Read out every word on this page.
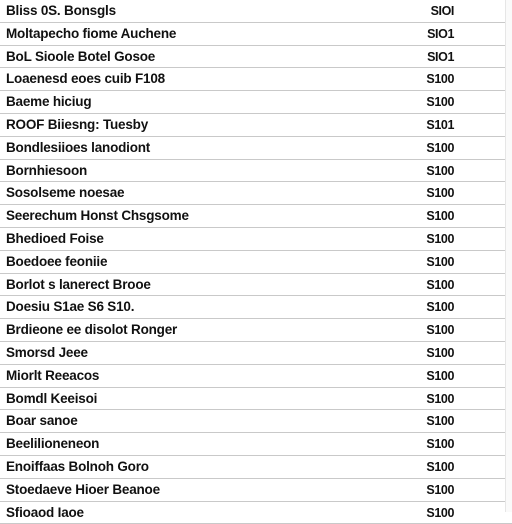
Bliss 0S. Bonsgls	SIOI
Moltapecho fiome Auchene	SIO1
BoL Sioole Botel Gosoe	SIO1
Loaenesd eoes cuib F108	S100
Baeme hiciug	S100
ROOF Biiesng: Tuesby	S101
Bondlesiioes lanodiont	S100
Bornhiesoon	S100
Sosolseme noesae	S100
Seerechum Honst Chsgsome	S100
Bhedioed Foise	S100
Boedoee feoniie	S100
Borlot s lanerect Brooe	S100
Doesiu S1ae S6 S10.	S100
Brdieone ee disolot Ronger	S100
Smorsd Jeee	S100
Miorlt Reeacos	S100
Bomdl Keeisoi	S100
Boar sanoe	S100
Beelilioneneon	S100
Enoiffaas Bolnoh Goro	S100
Stoedaeve Hioer Beanoe	S100
Sfioaod Iaoe	S100
